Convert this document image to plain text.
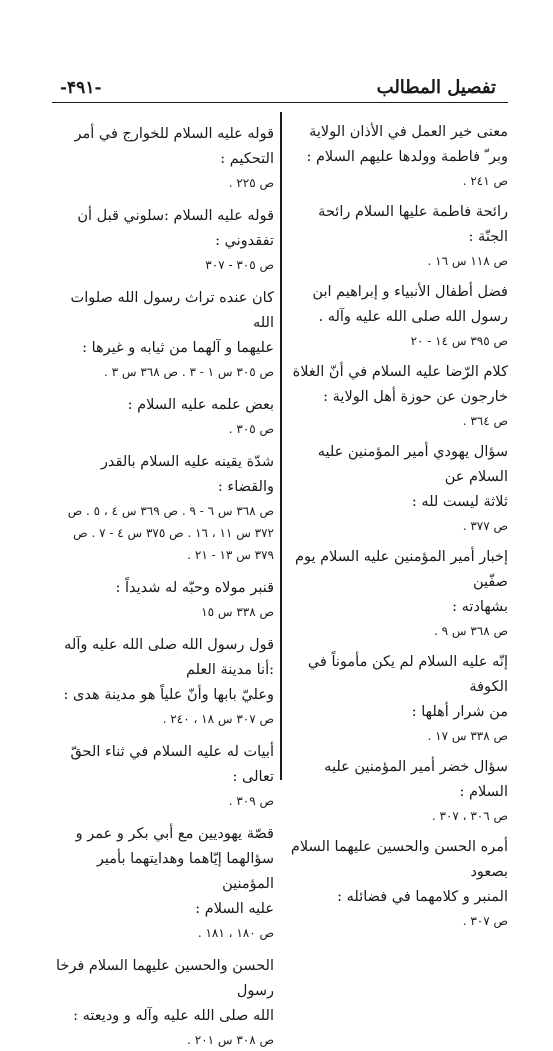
-۴۹۱-	تفصيل المطالب

معنى خير العمل في الأذان الولاية

وبر ّ فاطمة وولدها عليهم السلام :

ص ٢٤١ .

رائحة فاطمة عليها السلام رائحة الجنّة :

ص ١١٨ س ١٦ .

فضل أطفال الأنبياء و إبراهيم ابن

رسول الله صلى الله عليه وآله .

ص ٣٩٥ س ١٤ - ٢٠

كلام الرّضا عليه السلام في أنّ الغلاة

خارجون عن حوزة أهل الولاية :

ص ٣٦٤ .

سؤال يهودي أمير المؤمنين عليه السلام عن

ثلاثة ليست لله :

ص ٣٧٧ .

إخبار أمير المؤمنين عليه السلام يوم صفّين

بشهادته :

ص ٣٦٨ س ٩ .

إنّه عليه السلام لم يكن مأموناً في الكوفة

من شرار أهلها :

ص ٣٣٨ س ١٧ .

سؤال خضر أمير المؤمنين عليه السلام :

ص ٣٠٦ ، ٣٠٧ .

أمره الحسن والحسين عليهما السلام بصعود

المنبر و كلامهما في فضائله :

ص ٣٠٧ .

قوله عليه السلام للخوارج في أمر التحكيم :

ص ٢٢٥ .

قوله عليه السلام :سلوني قبل أن تفقدوني :

ص ٣٠٥ - ٣٠٧

كان عنده تراث رسول الله صلوات الله

عليهما و آلهما من ثيابه و غيرها :

ص ٣٠٥ س ١ - ٣ . ص ٣٦٨ س ٣ .

بعض علمه عليه السلام :

ص ٣٠٥ .

شدّة يقينه عليه السلام بالقدر والقضاء :

ص ٣٦٨ س ٦ - ٩ . ص ٣٦٩ س ٤ ، ٥ . ص ٣٧٢ س ١١ ، ١٦ . ص ٣٧٥ س ٤ - ٧ . ص ٣٧٩ س ١٣ - ٢١ .

قنبر مولاه وحبّه له شديداً :

ص ٣٣٨ س ١٥

قول رسول الله صلى الله عليه وآله :أنا مدينة العلم

وعليّ بابها وأنّ علياً هو مدينة هدى :

ص ٣٠٧ س ١٨ ، ٢٤٠ .

أبيات له عليه السلام في ثناء الحقّ تعالى :

ص ٣٠٩ .

قصّة يهوديين مع أبي بكر و عمر و

سؤالهما إيّاهما وهدايتهما بأمير المؤمنين

عليه السلام :

ص ١٨٠ ، ١٨١ .

الحسن والحسين عليهما السلام فرخا رسول

الله صلى الله عليه وآله و وديعته :

ص ٣٠٨ س ٢٠١ .
